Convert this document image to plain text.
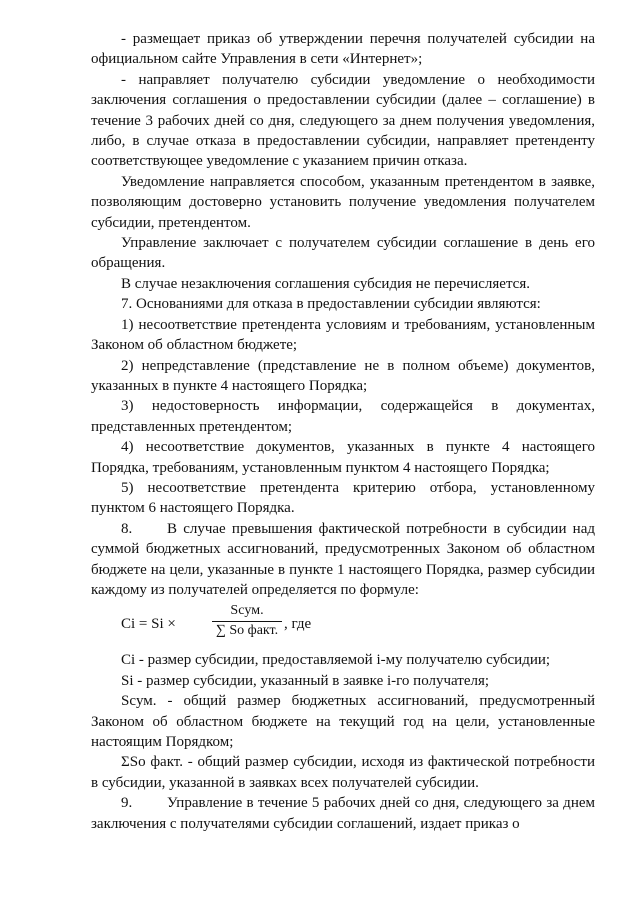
- размещает приказ об утверждении перечня получателей субсидии на официальном сайте Управления в сети «Интернет»;

- направляет получателю субсидии уведомление о необходимости заключения соглашения о предоставлении субсидии (далее – соглашение) в течение 3 рабочих дней со дня, следующего за днем получения уведомления, либо, в случае отказа в предоставлении субсидии, направляет претенденту соответствующее уведомление с указанием причин отказа.

Уведомление направляется способом, указанным претендентом в заявке, позволяющим достоверно установить получение уведомления получателем субсидии, претендентом.

Управление заключает с получателем субсидии соглашение в день его обращения.

В случае незаключения соглашения субсидия не перечисляется.

7. Основаниями для отказа в предоставлении субсидии являются:

1) несоответствие претендента условиям и требованиям, установленным Законом об областном бюджете;

2) непредставление (представление не в полном объеме) документов, указанных в пункте 4 настоящего Порядка;

3) недостоверность информации, содержащейся в документах, представленных претендентом;

4) несоответствие документов, указанных в пункте 4 настоящего Порядка, требованиям, установленным пунктом 4 настоящего Порядка;

5) несоответствие претендента критерию отбора, установленному пунктом 6 настоящего Порядка.

8. В случае превышения фактической потребности в субсидии над суммой бюджетных ассигнований, предусмотренных Законом об областном бюджете на цели, указанные в пункте 1 настоящего Порядка, размер субсидии каждому из получателей определяется по формуле:

Ci = Si ×
Scум.
∑ So факт. , где

Ci - размер субсидии, предоставляемой i-му получателю субсидии;

Si - размер субсидии, указанный в заявке i-го получателя;

Scум. - общий размер бюджетных ассигнований, предусмотренный Законом об областном бюджете на текущий год на цели, установленные настоящим Порядком;

ΣSo факт. - общий размер субсидии, исходя из фактической потребности в субсидии, указанной в заявках всех получателей субсидии.

9. Управление в течение 5 рабочих дней со дня, следующего за днем заключения с получателями субсидии соглашений, издает приказ о
